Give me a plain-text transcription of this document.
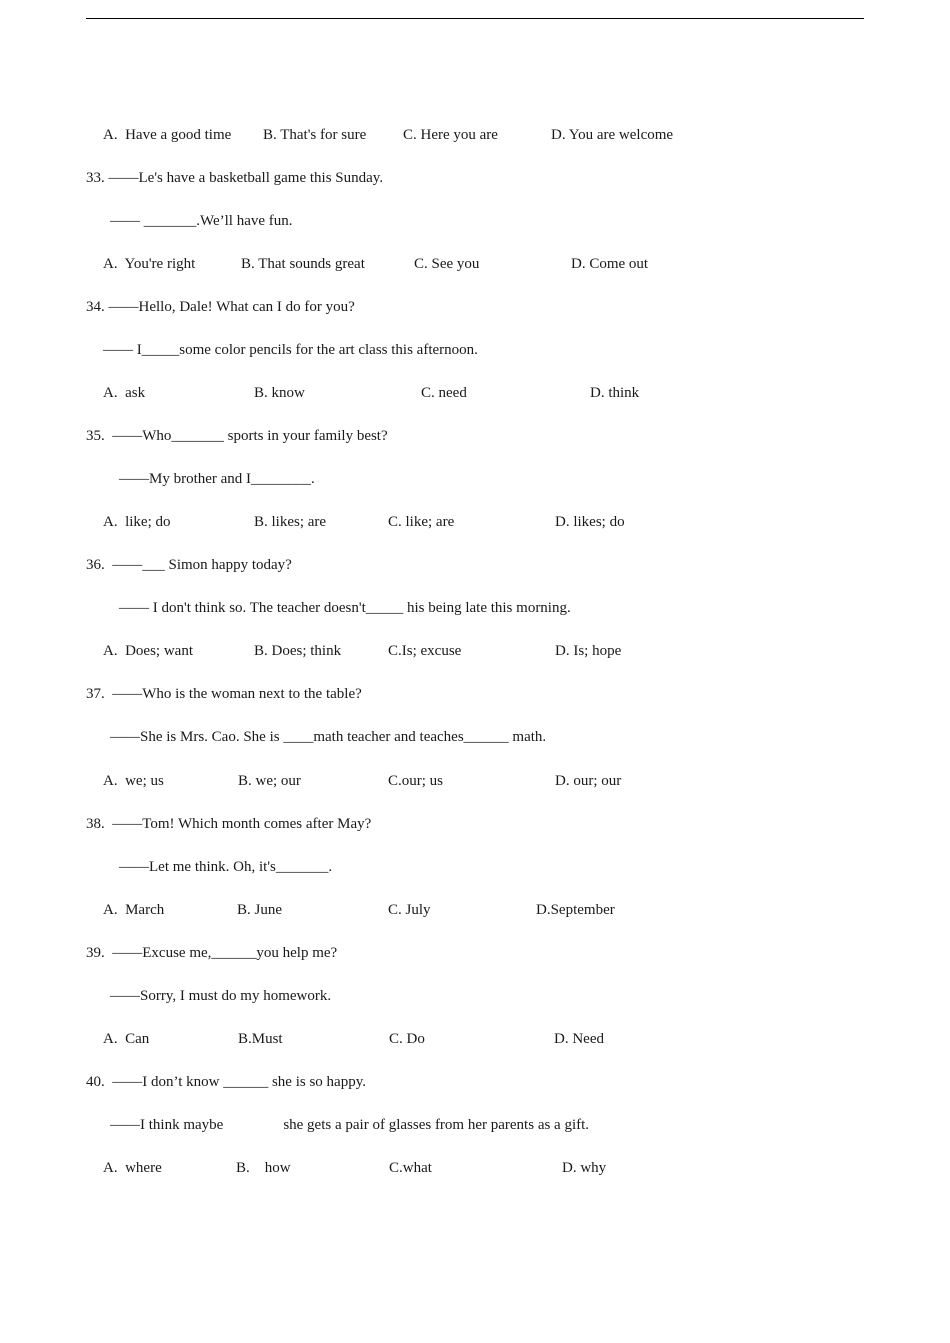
A.  Have a good time B. That's for sure C. Here you are	D. You are welcome
33. ——Le's have a basketball game this Sunday.
—— _______.We’ll have fun.
A.  You're right	B. That sounds great	C. See you	D. Come out
34. ——Hello, Dale! What can I do for you?
—— I_____some color pencils for the art class this afternoon.
A.  ask	B. know	C. need	D. think
35.  ——Who_______ sports in your family best?
——My brother and I________.
A.  like; do	B. likes; are	C. like; are	D. likes; do
36.  ——___ Simon happy today?
—— I don't think so. The teacher doesn't_____ his being late this morning.
A.  Does; want	B. Does; think	C.Is; excuse	D. Is; hope
37.  ——Who is the woman next to the table?
——She is Mrs. Cao. She is ____math teacher and teaches______ math.
A.  we; us	B. we; our	C.our; us	D. our; our
38.  ——Tom! Which month comes after May?
——Let me think. Oh, it's_______.
A.  March	B. June	C. July	D.September
39.  ——Excuse me,______you help me?
——Sorry, I must do my homework.
A.  Can	B.Must	C. Do	D. Need
40.  ——I don’t know ______ she is so happy.
——I think maybe                she gets a pair of glasses from her parents as a gift.
A.  where	B.    how	C.what	D. why
